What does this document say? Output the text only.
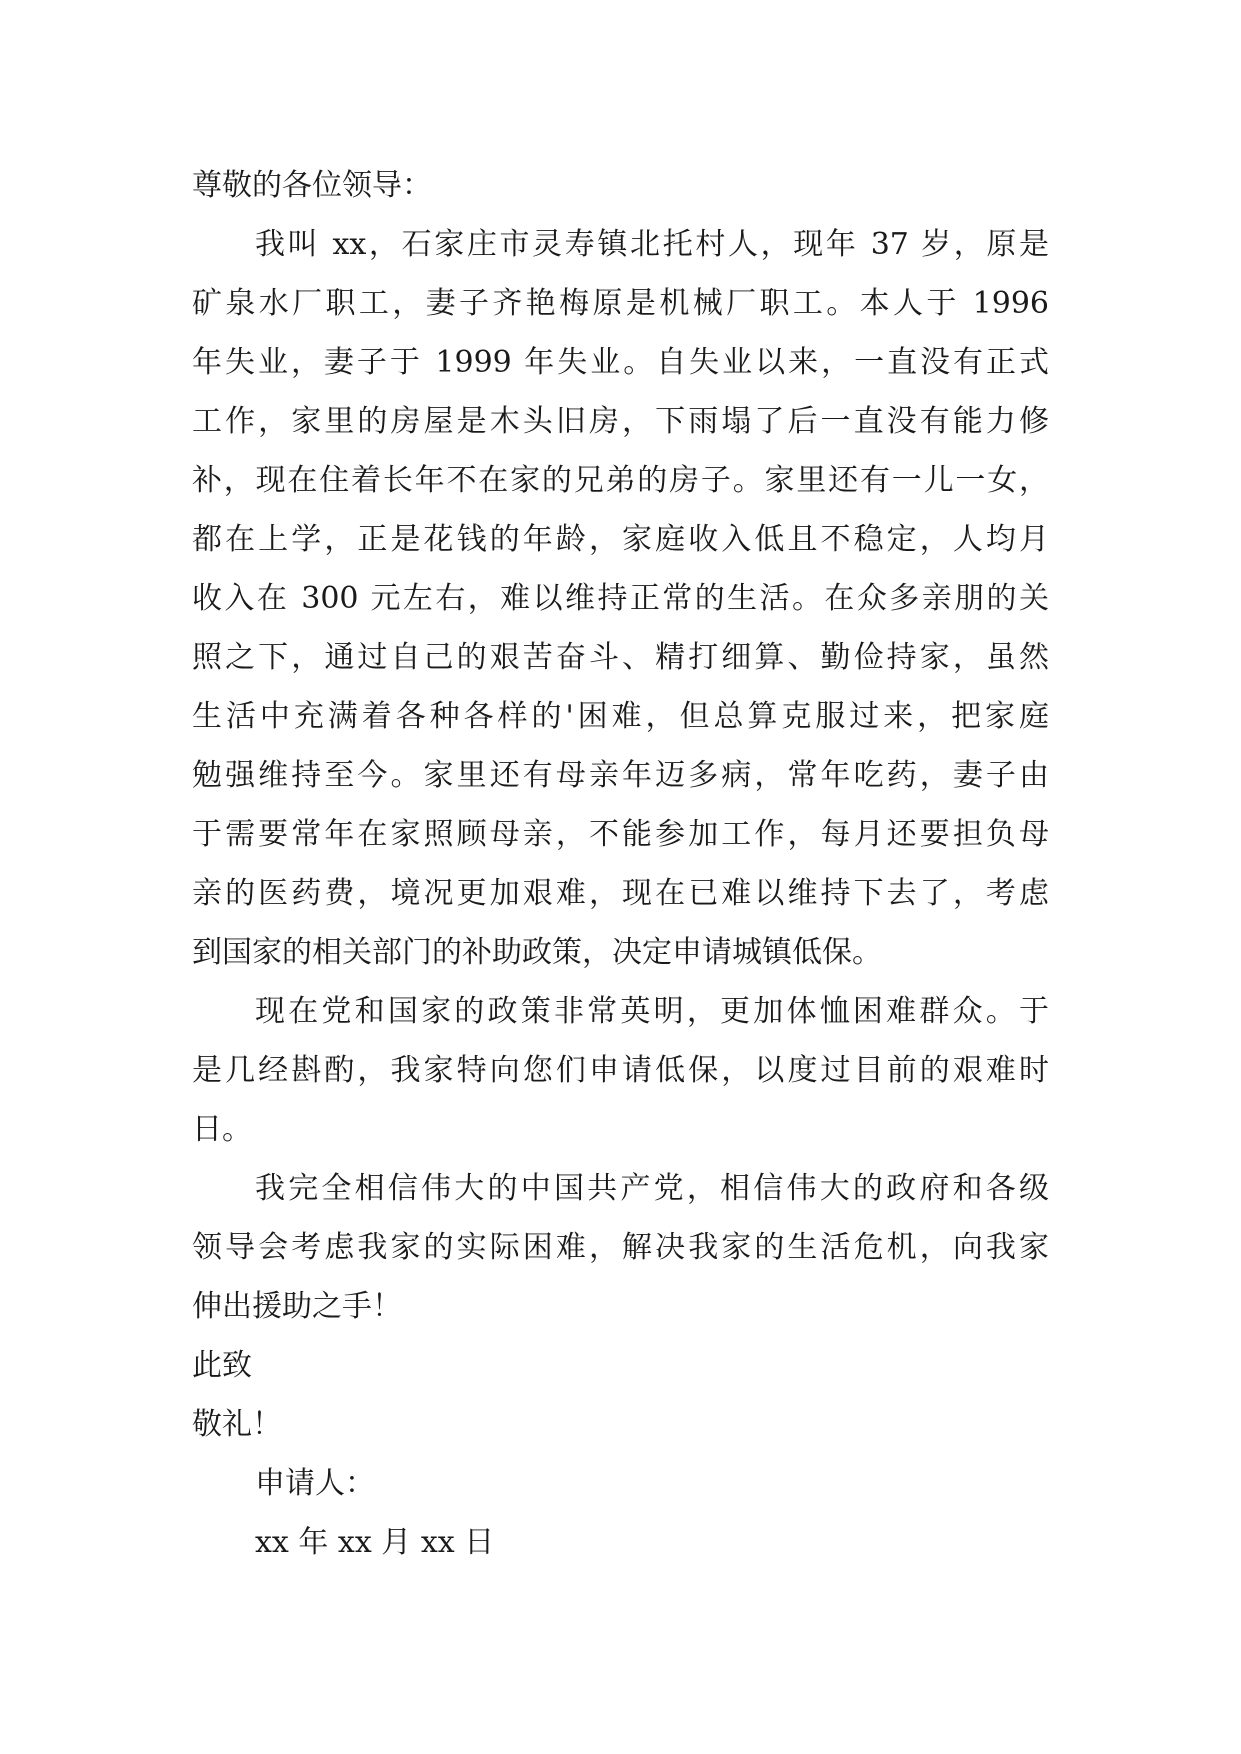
尊敬的各位领导：

我叫 xx，石家庄市灵寿镇北托村人，现年 37 岁，原是

矿泉水厂职工，妻子齐艳梅原是机械厂职工。本人于 1996

年失业，妻子于 1999 年失业。自失业以来，一直没有正式

工作，家里的房屋是木头旧房，下雨塌了后一直没有能力修

补，现在住着长年不在家的兄弟的房子。家里还有一儿一女，

都在上学，正是花钱的年龄，家庭收入低且不稳定，人均月

收入在 300 元左右，难以维持正常的生活。在众多亲朋的关

照之下，通过自己的艰苦奋斗、精打细算、勤俭持家，虽然

生活中充满着各种各样的'困难，但总算克服过来，把家庭

勉强维持至今。家里还有母亲年迈多病，常年吃药，妻子由

于需要常年在家照顾母亲，不能参加工作，每月还要担负母

亲的医药费，境况更加艰难，现在已难以维持下去了，考虑

到国家的相关部门的补助政策，决定申请城镇低保。

现在党和国家的政策非常英明，更加体恤困难群众。于

是几经斟酌，我家特向您们申请低保，以度过目前的艰难时

日。

我完全相信伟大的中国共产党，相信伟大的政府和各级

领导会考虑我家的实际困难，解决我家的生活危机，向我家

伸出援助之手！

此致

敬礼！

申请人：

xx 年 xx 月 xx 日
